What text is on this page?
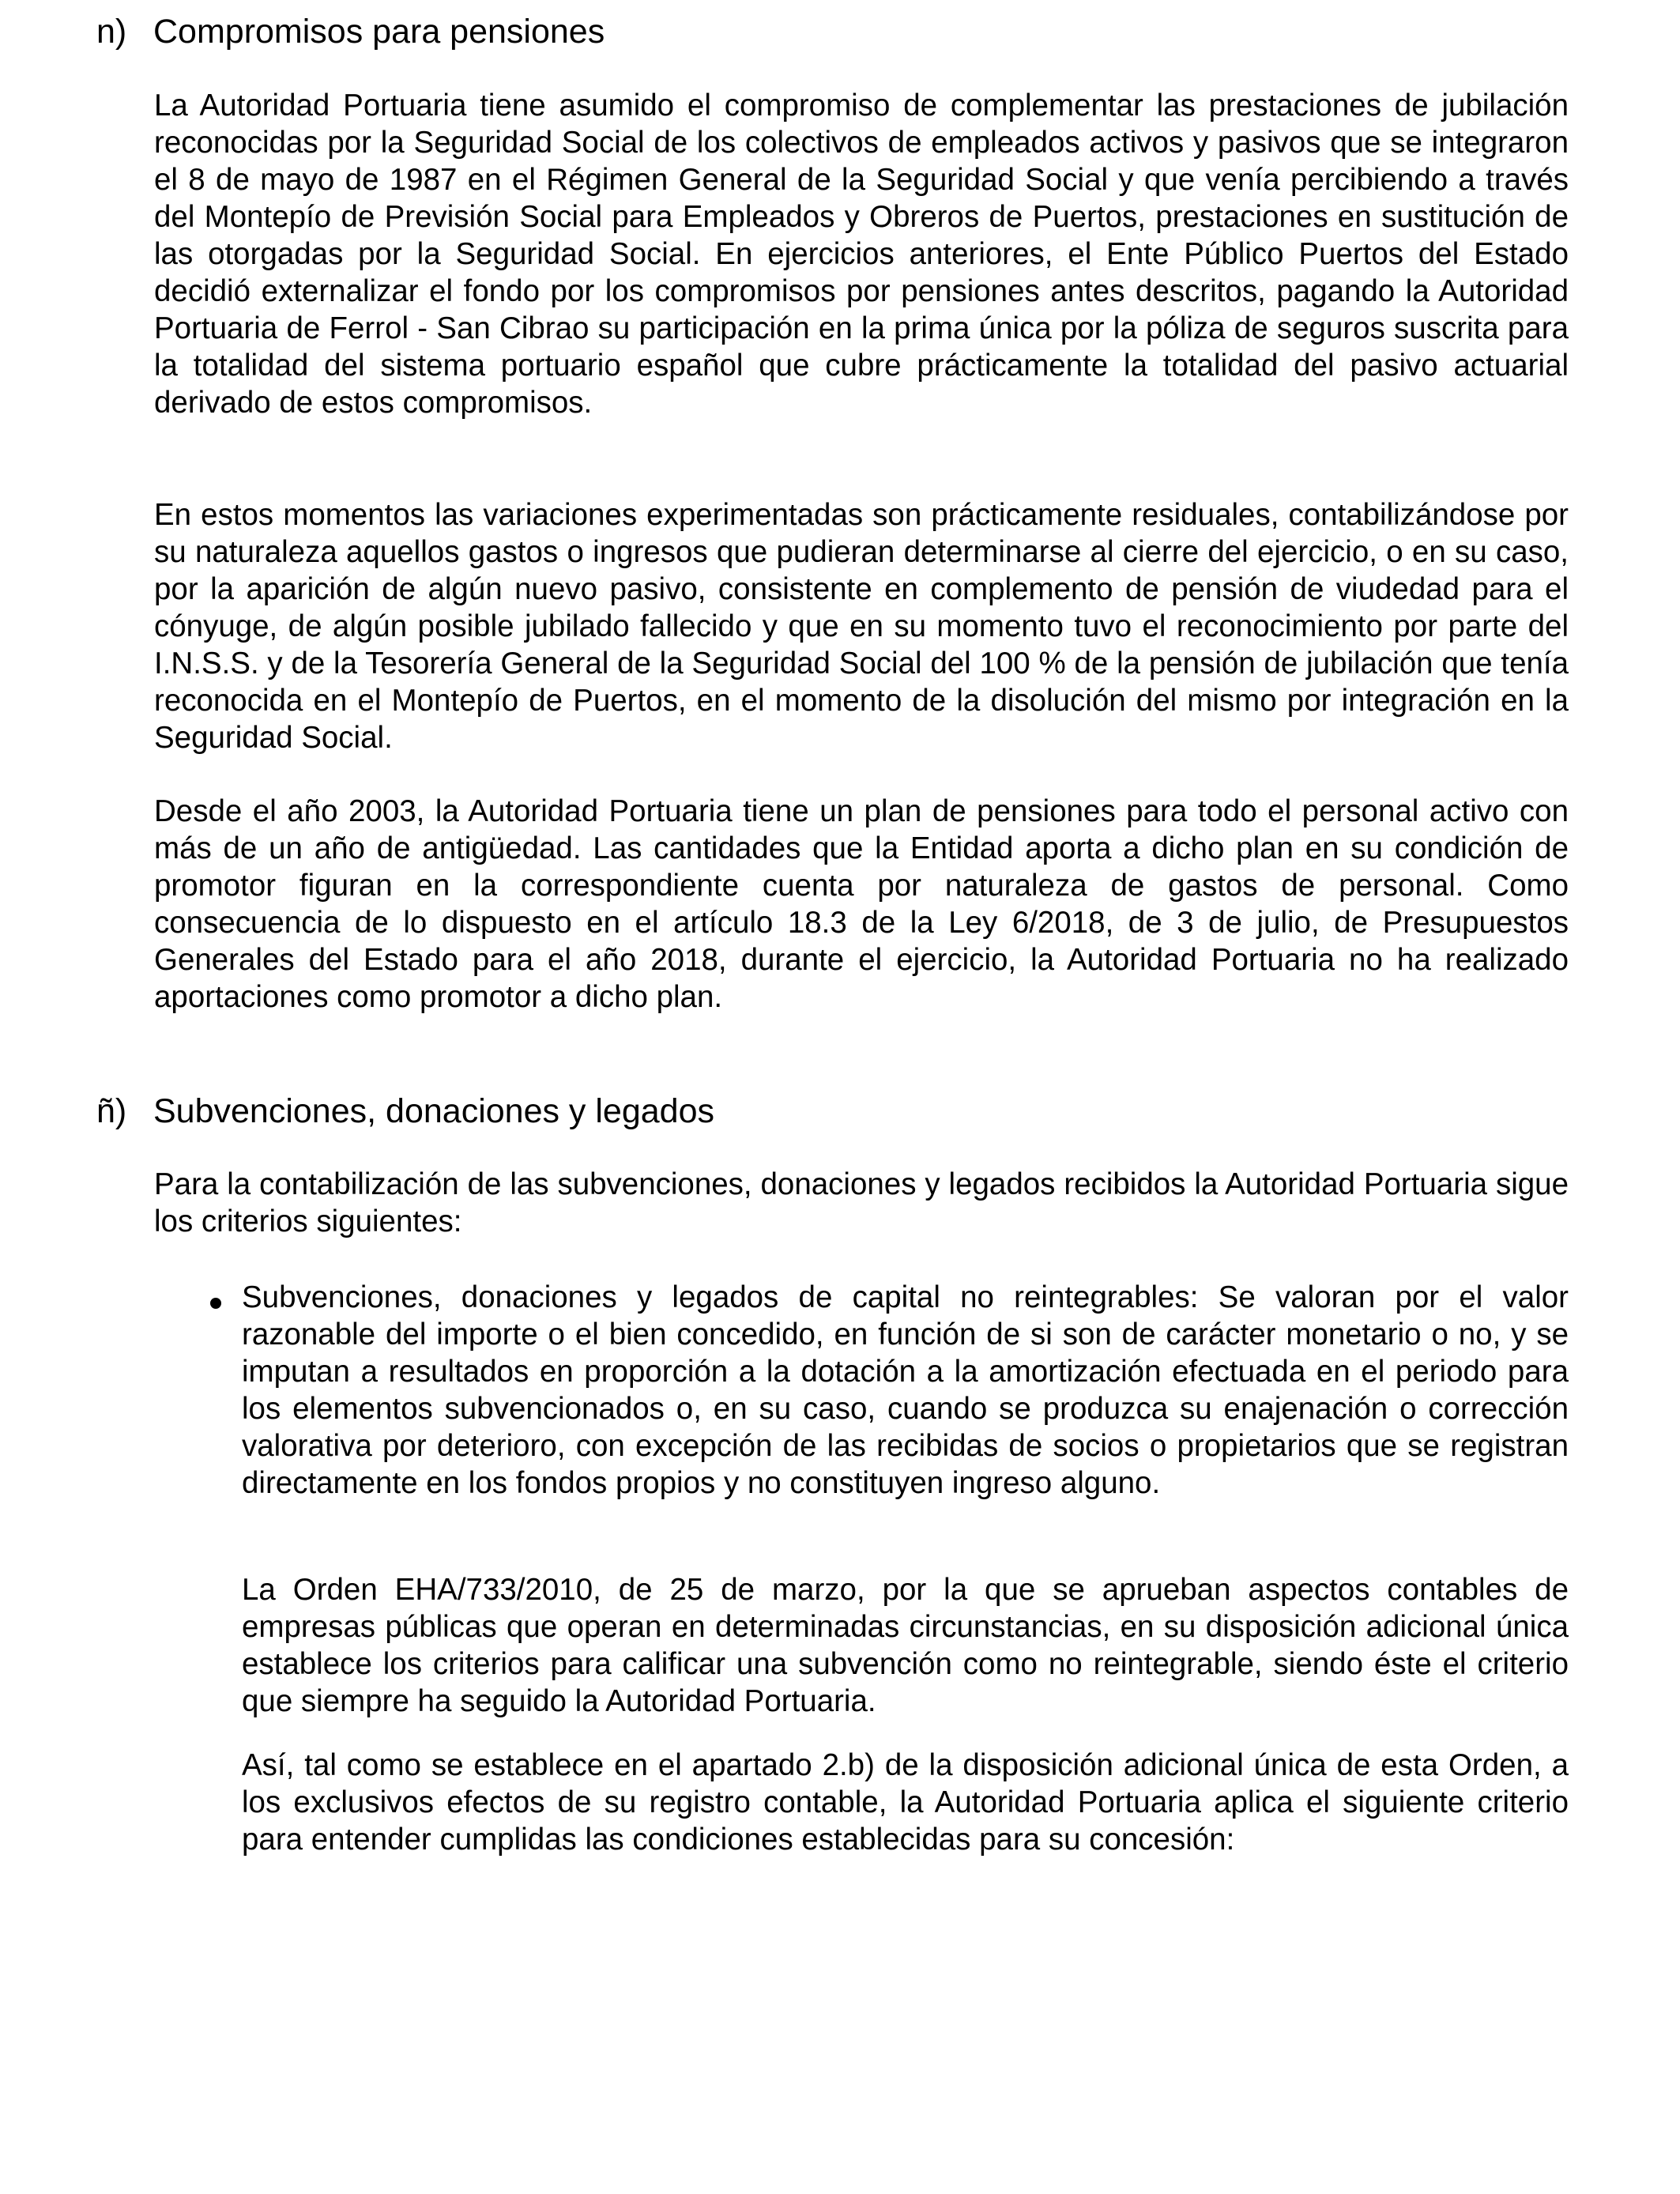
n) Compromisos para pensiones

La Autoridad Portuaria tiene asumido el compromiso de complementar las prestaciones de jubilación reconocidas por la Seguridad Social de los colectivos de empleados activos y pasivos que se integraron el 8 de mayo de 1987 en el Régimen General de la Seguridad Social y que venía percibiendo a través del Montepío de Previsión Social para Empleados y Obreros de Puertos, prestaciones en sustitución de las otorgadas por la Seguridad Social. En ejercicios anteriores, el Ente Público Puertos del Estado decidió externalizar el fondo por los compromisos por pensiones antes descritos, pagando la Autoridad Portuaria de Ferrol - San Cibrao su participación en la prima única por la póliza de seguros suscrita para la totalidad del sistema portuario español que cubre prácticamente la totalidad del pasivo actuarial derivado de estos compromisos.

En estos momentos las variaciones experimentadas son prácticamente residuales, contabilizándose por su naturaleza aquellos gastos o ingresos que pudieran determinarse al cierre del ejercicio, o en su caso, por la aparición de algún nuevo pasivo, consistente en complemento de pensión de viudedad para el cónyuge, de algún posible jubilado fallecido y que en su momento tuvo el reconocimiento por parte del I.N.S.S. y de la Tesorería General de la Seguridad Social del 100 % de la pensión de jubilación que tenía reconocida en el Montepío de Puertos, en el momento de la disolución del mismo por integración en la Seguridad Social.

Desde el año 2003, la Autoridad Portuaria tiene un plan de pensiones para todo el personal activo con más de un año de antigüedad. Las cantidades que la Entidad aporta a dicho plan en su condición de promotor figuran en la correspondiente cuenta por naturaleza de gastos de personal. Como consecuencia de lo dispuesto en el artículo 18.3 de la Ley 6/2018, de 3 de julio, de Presupuestos Generales del Estado para el año 2018, durante el ejercicio, la Autoridad Portuaria no ha realizado aportaciones como promotor a dicho plan.

ñ) Subvenciones, donaciones y legados

Para la contabilización de las subvenciones, donaciones y legados recibidos la Autoridad Portuaria sigue los criterios siguientes:

Subvenciones, donaciones y legados de capital no reintegrables: Se valoran por el valor razonable del importe o el bien concedido, en función de si son de carácter monetario o no, y se imputan a resultados en proporción a la dotación a la amortización efectuada en el periodo para los elementos subvencionados o, en su caso, cuando se produzca su enajenación o corrección valorativa por deterioro, con excepción de las recibidas de socios o propietarios que se registran directamente en los fondos propios y no constituyen ingreso alguno.

La Orden EHA/733/2010, de 25 de marzo, por la que se aprueban aspectos contables de empresas públicas que operan en determinadas circunstancias, en su disposición adicional única establece los criterios para calificar una subvención como no reintegrable, siendo éste el criterio que siempre ha seguido la Autoridad Portuaria.

Así, tal como se establece en el apartado 2.b) de la disposición adicional única de esta Orden, a los exclusivos efectos de su registro contable, la Autoridad Portuaria aplica el siguiente criterio para entender cumplidas las condiciones establecidas para su concesión:
